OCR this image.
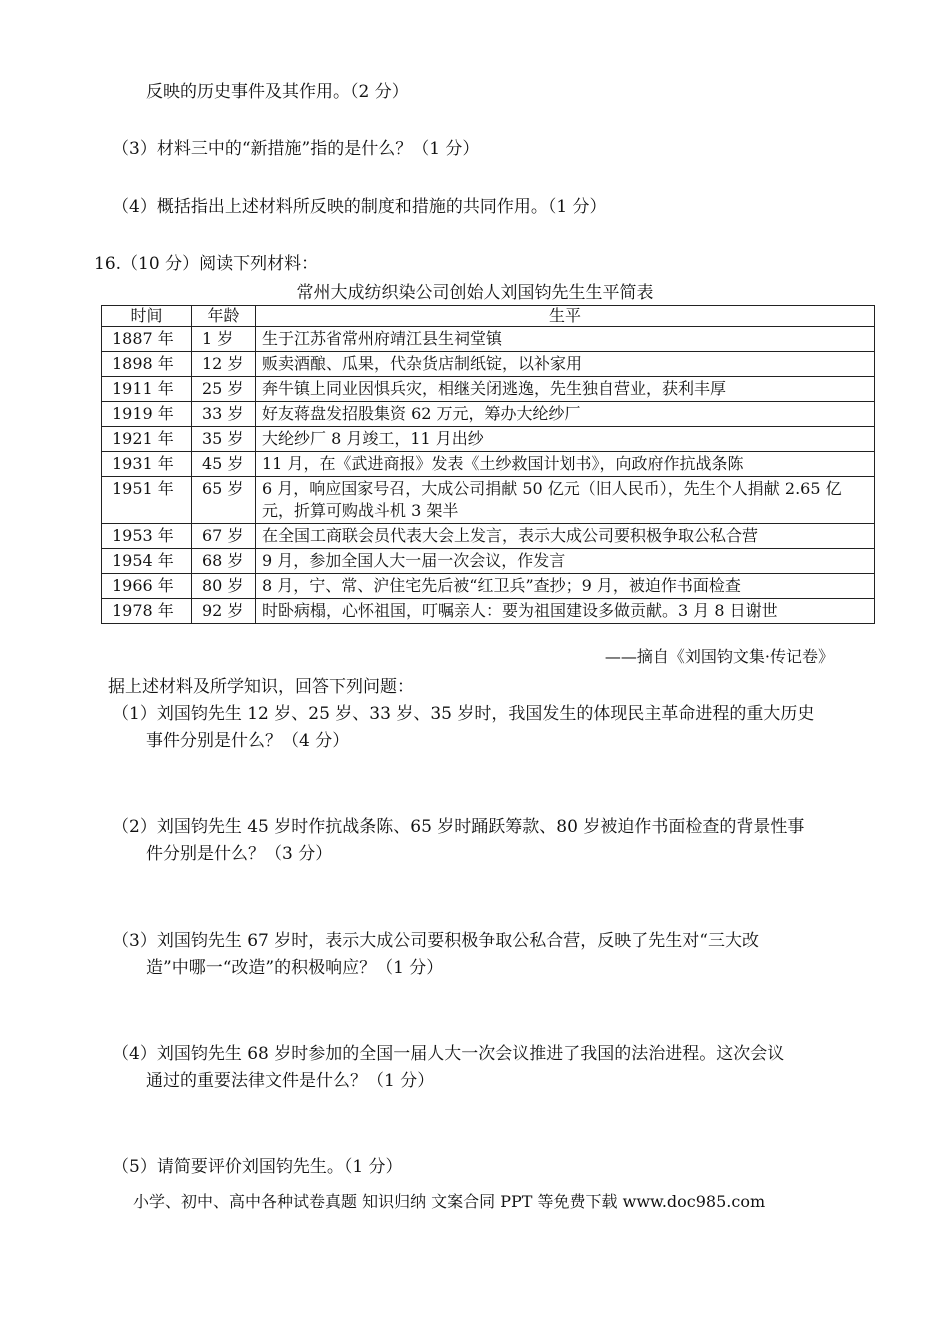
反映的历史事件及其作用。（2 分）
（3）材料三中的“新措施”指的是什么？（1 分）
（4）概括指出上述材料所反映的制度和措施的共同作用。（1 分）
16.（10 分）阅读下列材料：
常州大成纺织染公司创始人刘国钧先生生平简表
时间	年龄	生平
1887 年	1 岁	生于江苏省常州府靖江县生祠堂镇
1898 年	12 岁	贩卖酒酿、瓜果，代杂货店制纸锭，以补家用
1911 年	25 岁	奔牛镇上同业因惧兵灾，相继关闭逃逸，先生独自营业，获利丰厚
1919 年	33 岁	好友蒋盘发招股集资 62 万元，筹办大纶纱厂
1921 年	35 岁	大纶纱厂 8 月竣工，11 月出纱
1931 年	45 岁	11 月，在《武进商报》发表《土纱救国计划书》，向政府作抗战条陈
1951 年	65 岁	6 月，响应国家号召，大成公司捐献 50 亿元（旧人民币），先生个人捐献 2.65 亿元，折算可购战斗机 3 架半
1953 年	67 岁	在全国工商联会员代表大会上发言，表示大成公司要积极争取公私合营
1954 年	68 岁	9 月，参加全国人大一届一次会议，作发言
1966 年	80 岁	8 月，宁、常、沪住宅先后被“红卫兵”查抄；9 月，被迫作书面检查
1978 年	92 岁	时卧病榻，心怀祖国，叮嘱亲人：要为祖国建设多做贡献。3 月 8 日谢世
——摘自《刘国钧文集·传记卷》
据上述材料及所学知识，回答下列问题：
（1）刘国钧先生 12 岁、25 岁、33 岁、35 岁时，我国发生的体现民主革命进程的重大历史
事件分别是什么？（4 分）
（2）刘国钧先生 45 岁时作抗战条陈、65 岁时踊跃筹款、80 岁被迫作书面检查的背景性事
件分别是什么？（3 分）
（3）刘国钧先生 67 岁时，表示大成公司要积极争取公私合营，反映了先生对“三大改
造”中哪一“改造”的积极响应？（1 分）
（4）刘国钧先生 68 岁时参加的全国一届人大一次会议推进了我国的法治进程。这次会议
通过的重要法律文件是什么？（1 分）
（5）请简要评价刘国钧先生。（1 分）
小学、初中、高中各种试卷真题 知识归纳 文案合同 PPT 等免费下载 www.doc985.com
